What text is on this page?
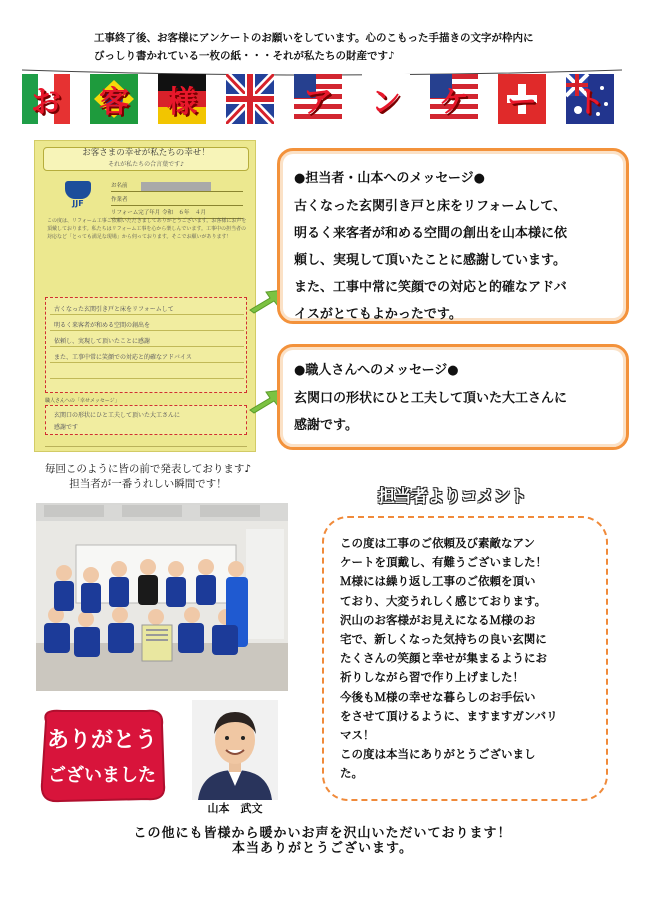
工事終了後、お客様にアンケートのお願いをしています。心のこもった手描きの文字が枠内に
びっしり書かれている一枚の紙・・・それが私たちの財産です♪
お 客 様	ア ン ケ ー ト
お客さまの幸せが私たちの幸せ！
それが私たちの合言葉です♪
JJF
お名前
作業者
リフォーム完了年月 令和　６年　４月
この度は、リフォーム工事ご依頼いただきましてありがとうございます。お客様にお声を頂戴しております。私たちはリフォーム工事を心から楽しんでいます。工事中の担当者の対応など「とっても満足な現場」から伺っております。そこでお願いがあります！
古くなった玄関引き戸と床をリフォームして
明るく来客者が和める空間の創出を
依頼し、実現して頂いたことに感謝
また、工事中常に笑顔での対応と的確なアドバイス
職人さんへの「幸せメッセージ」
玄関口の形状にひと工夫して頂いた大工さんに
感謝です
●担当者・山本へのメッセージ●
古くなった玄関引き戸と床をリフォームして、
明るく来客者が和める空間の創出を山本様に依
頼し、実現して頂いたことに感謝しています。
また、工事中常に笑顔での対応と的確なアドバ
イスがとてもよかったです。
●職人さんへのメッセージ●
玄関口の形状にひと工夫して頂いた大工さんに
感謝です。
毎回このように皆の前で発表しております♪
担当者が一番うれしい瞬間です！
担当者よりコメント
この度は工事のご依頼及び素敵なアン
ケートを頂戴し、有難うございました！
Ｍ様には繰り返し工事のご依頼を頂い
ており、大変うれしく感じております。
沢山のお客様がお見えになるＭ様のお
宅で、新しくなった気持ちの良い玄関に
たくさんの笑顔と幸せが集まるようにお
祈りしながら習で作り上げました！
今後もＭ様の幸せな暮らしのお手伝い
をさせて頂けるように、ますますガンバリ
マス！
この度は本当にありがとうございまし
た。
ありがとう
ございました
山本　武文
この他にも皆様から暖かいお声を沢山いただいております！
本当ありがとうございます。
